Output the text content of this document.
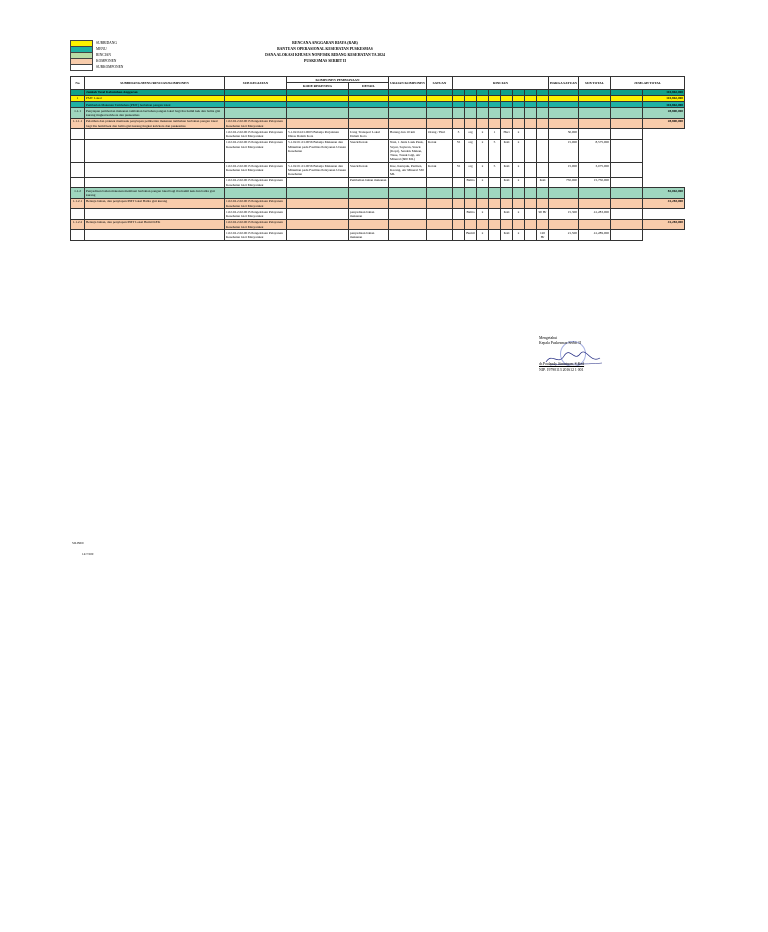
SUBBIDANG
MENU
RINCIAN
KOMPONEN
SUBKOMPONEN
RENCANA ANGGARAN BIAYA (RAB)
BANTUAN OPERASIONAL KESEHATAN PUSKESMAS
DANA ALOKASI KHUSUS NONFISIK BIDANG KESEHATAN TA 2024
PUSKESMAS SERBIT II
No	SUBBIDANG/MENU/RINCIAN/KOMPONEN	SUB KEGIATAN	KOMPONEN PEMBIAYAAN		URAIAN KOMPONEN	SATUAN	RINCIAN								HARGA SATUAN	SUB TOTAL	JUMLAH TOTAL	
			KODE REKENING	DETAIL														
	Jumlah Total Kebutuhan Anggaran																	110,862,000
1	PMT Lokal																	110,862,000
	Pemberian Makanan Tambahan (PMT) berbahan pangan lokal																	110,862,000
1.1.1	Penyiapan pemberian makanan tambahan berbahan pangan lokal bagi ibu hamil kek dan balita gizi kurang tingkat kab/kota dan puskesmas																	28,800,000
1.1.1.1	Pelatihan dan praktek memasak penyiapan pemberian makanan tambahan berbahan pangan lokal bagi ibu hamil kek dan balita gizi kurang tingkat kab/kota dan puskesmas	1.02.02.2.02.0015 Pengelolaan Pelayanan Kesehatan Gizi Masyarakat																28,800,000
		1.02.02.2.02.0015 Pengelolaan Pelayanan Kesehatan Gizi Masyarakat	5.1.02.04.01.0003 Belanja Perjalanan Dinas Dalam Kota	Uang Transport Lokal Dalam Kota	Barang dan 10 km	Orang / Hari	3	org	x	1	Hari	x			50,000			
		1.02.02.2.02.0015 Pengelolaan Pelayanan Kesehatan Gizi Masyarakat	5.1.02.01.01.0056 Belanja Makanan dan Minuman pada Fasilitas Pelayanan Urusan Kesehatan	Snack/Kotak	Nasi, 1 Jenis Lauk Pauk, Sayur, Sayuran, Snack (Kopi), Sendok Makan, Tisue, Tusuk Gigi, Air Mineral (600 ML)	Kotak	55	org	x	5	Kali	x			15,000	8,575,000		
		1.02.02.2.02.0015 Pengelolaan Pelayanan Kesehatan Gizi Masyarakat	5.1.02.01.01.0056 Belanja Makanan dan Minuman pada Fasilitas Pelayanan Urusan Kesehatan	Snack/Kotak	Kue, Kerupuk, Permen, Kacang, Air Mineral 330 ML	Kotak	55	org	x	5	Kali	x			15,000	3,075,000		
		1.02.02.2.02.0015 Pengelolaan Pelayanan Kesehatan Gizi Masyarakat		Pembelian bahan makanan				Balita	x		Kali	x		Kali	750,000	15,750,000		
1.1.2	Penyediaan bahan makanan membuat berbahan pangan lokal bagi ibu hamil kek dan balita gizi kurang																	82,062,000
1.1.2.1	Belanja bahan, dan penyiapan PMT lokal Balita gizi kurang	1.02.02.2.02.0015 Pengelolaan Pelayanan Kesehatan Gizi Masyarakat																41,283,000
		1.02.02.2.02.0015 Pengelolaan Pelayanan Kesehatan Gizi Masyarakat		penyediaan bahan makanan				Balita	x		Kali	x		90 Hr	15,300	41,283,000		
1.1.2.2	Belanja bahan, dan penyiapan PMT Lokal Bumil KEK	1.02.02.2.02.0015 Pengelolaan Pelayanan Kesehatan Gizi Masyarakat																41,283,000
		1.02.02.2.02.0015 Pengelolaan Pelayanan Kesehatan Gizi Masyarakat		penyediaan bahan makanan				Bumil	x		Kali	x		120 Hr	21,500	41,289,000		
Mengetahui
Kepala Puskesmas Serbit II
dr.Paulandy Sinurtuan, S.Ked
NIP. 19790113 201612 1 001
SILINDI
14/7/200
